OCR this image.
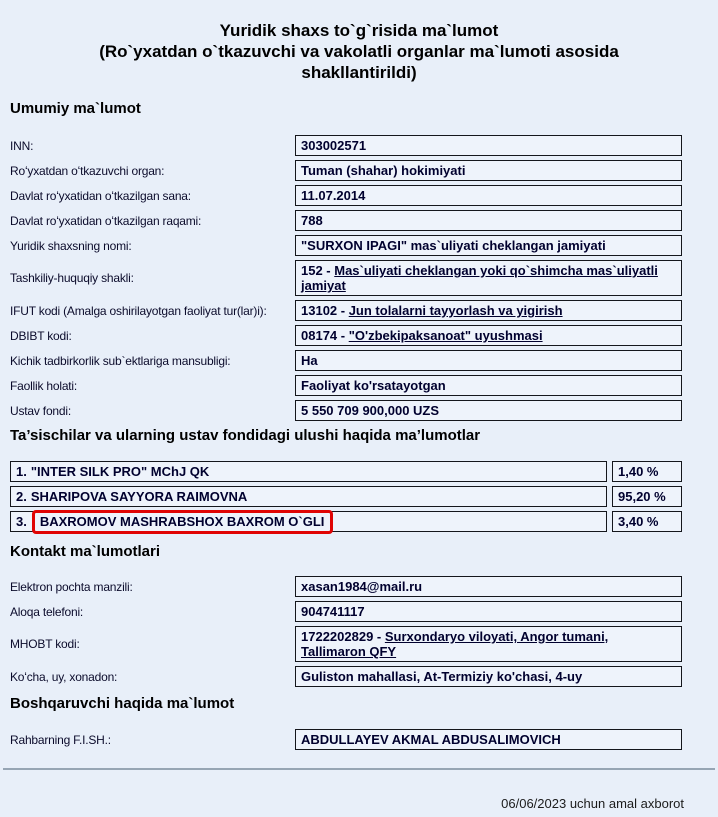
Yuridik shaxs to`g`risida ma`lumot
(Ro`yxatdan o`tkazuvchi va vakolatli organlar ma`lumoti asosida shakllantirildi)
Umumiy ma`lumot
INN:	303002571
Roʻyxatdan oʻtkazuvchi organ:	Tuman (shahar) hokimiyati
Davlat roʻyxatidan oʻtkazilgan sana:	11.07.2014
Davlat roʻyxatidan oʻtkazilgan raqami:	788
Yuridik shaxsning nomi:	"SURXON IPAGI" mas`uliyati cheklangan jamiyati
Tashkiliy-huquqiy shakli:	152 - Mas`uliyati cheklangan yoki qo`shimcha mas`uliyatli jamiyat
IFUT kodi (Amalga oshirilayotgan faoliyat tur(lar)i):	13102 - Jun tolalarni tayyorlash va yigirish
DBIBT kodi:	08174 - "O'zbekipaksanoat" uyushmasi
Kichik tadbirkorlik sub`ektlariga mansubligi:	Ha
Faollik holati:	Faoliyat ko'rsatayotgan
Ustav fondi:	5 550 709 900,000 UZS
Ta’sischilar va ularning ustav fondidagi ulushi haqida ma’lumotlar
1. "INTER SILK PRO" MChJ QK	1,40 %
2. SHARIPOVA SAYYORA RAIMOVNA	95,20 %
3. BAXROMOV MASHRABSHOX BAXROM O`GLI	3,40 %
Kontakt ma`lumotlari
Elektron pochta manzili:	xasan1984@mail.ru
Aloqa telefoni:	904741117
MHOBT kodi:	1722202829 - Surxondaryo viloyati, Angor tumani, Tallimaron QFY
Koʻcha, uy, xonadon:	Guliston mahallasi, At-Termiziy ko'chasi, 4-uy
Boshqaruvchi haqida ma`lumot
Rahbarning F.I.SH.:	ABDULLAYEV AKMAL ABDUSALIMOVICH
06/06/2023 uchun amal axborot
